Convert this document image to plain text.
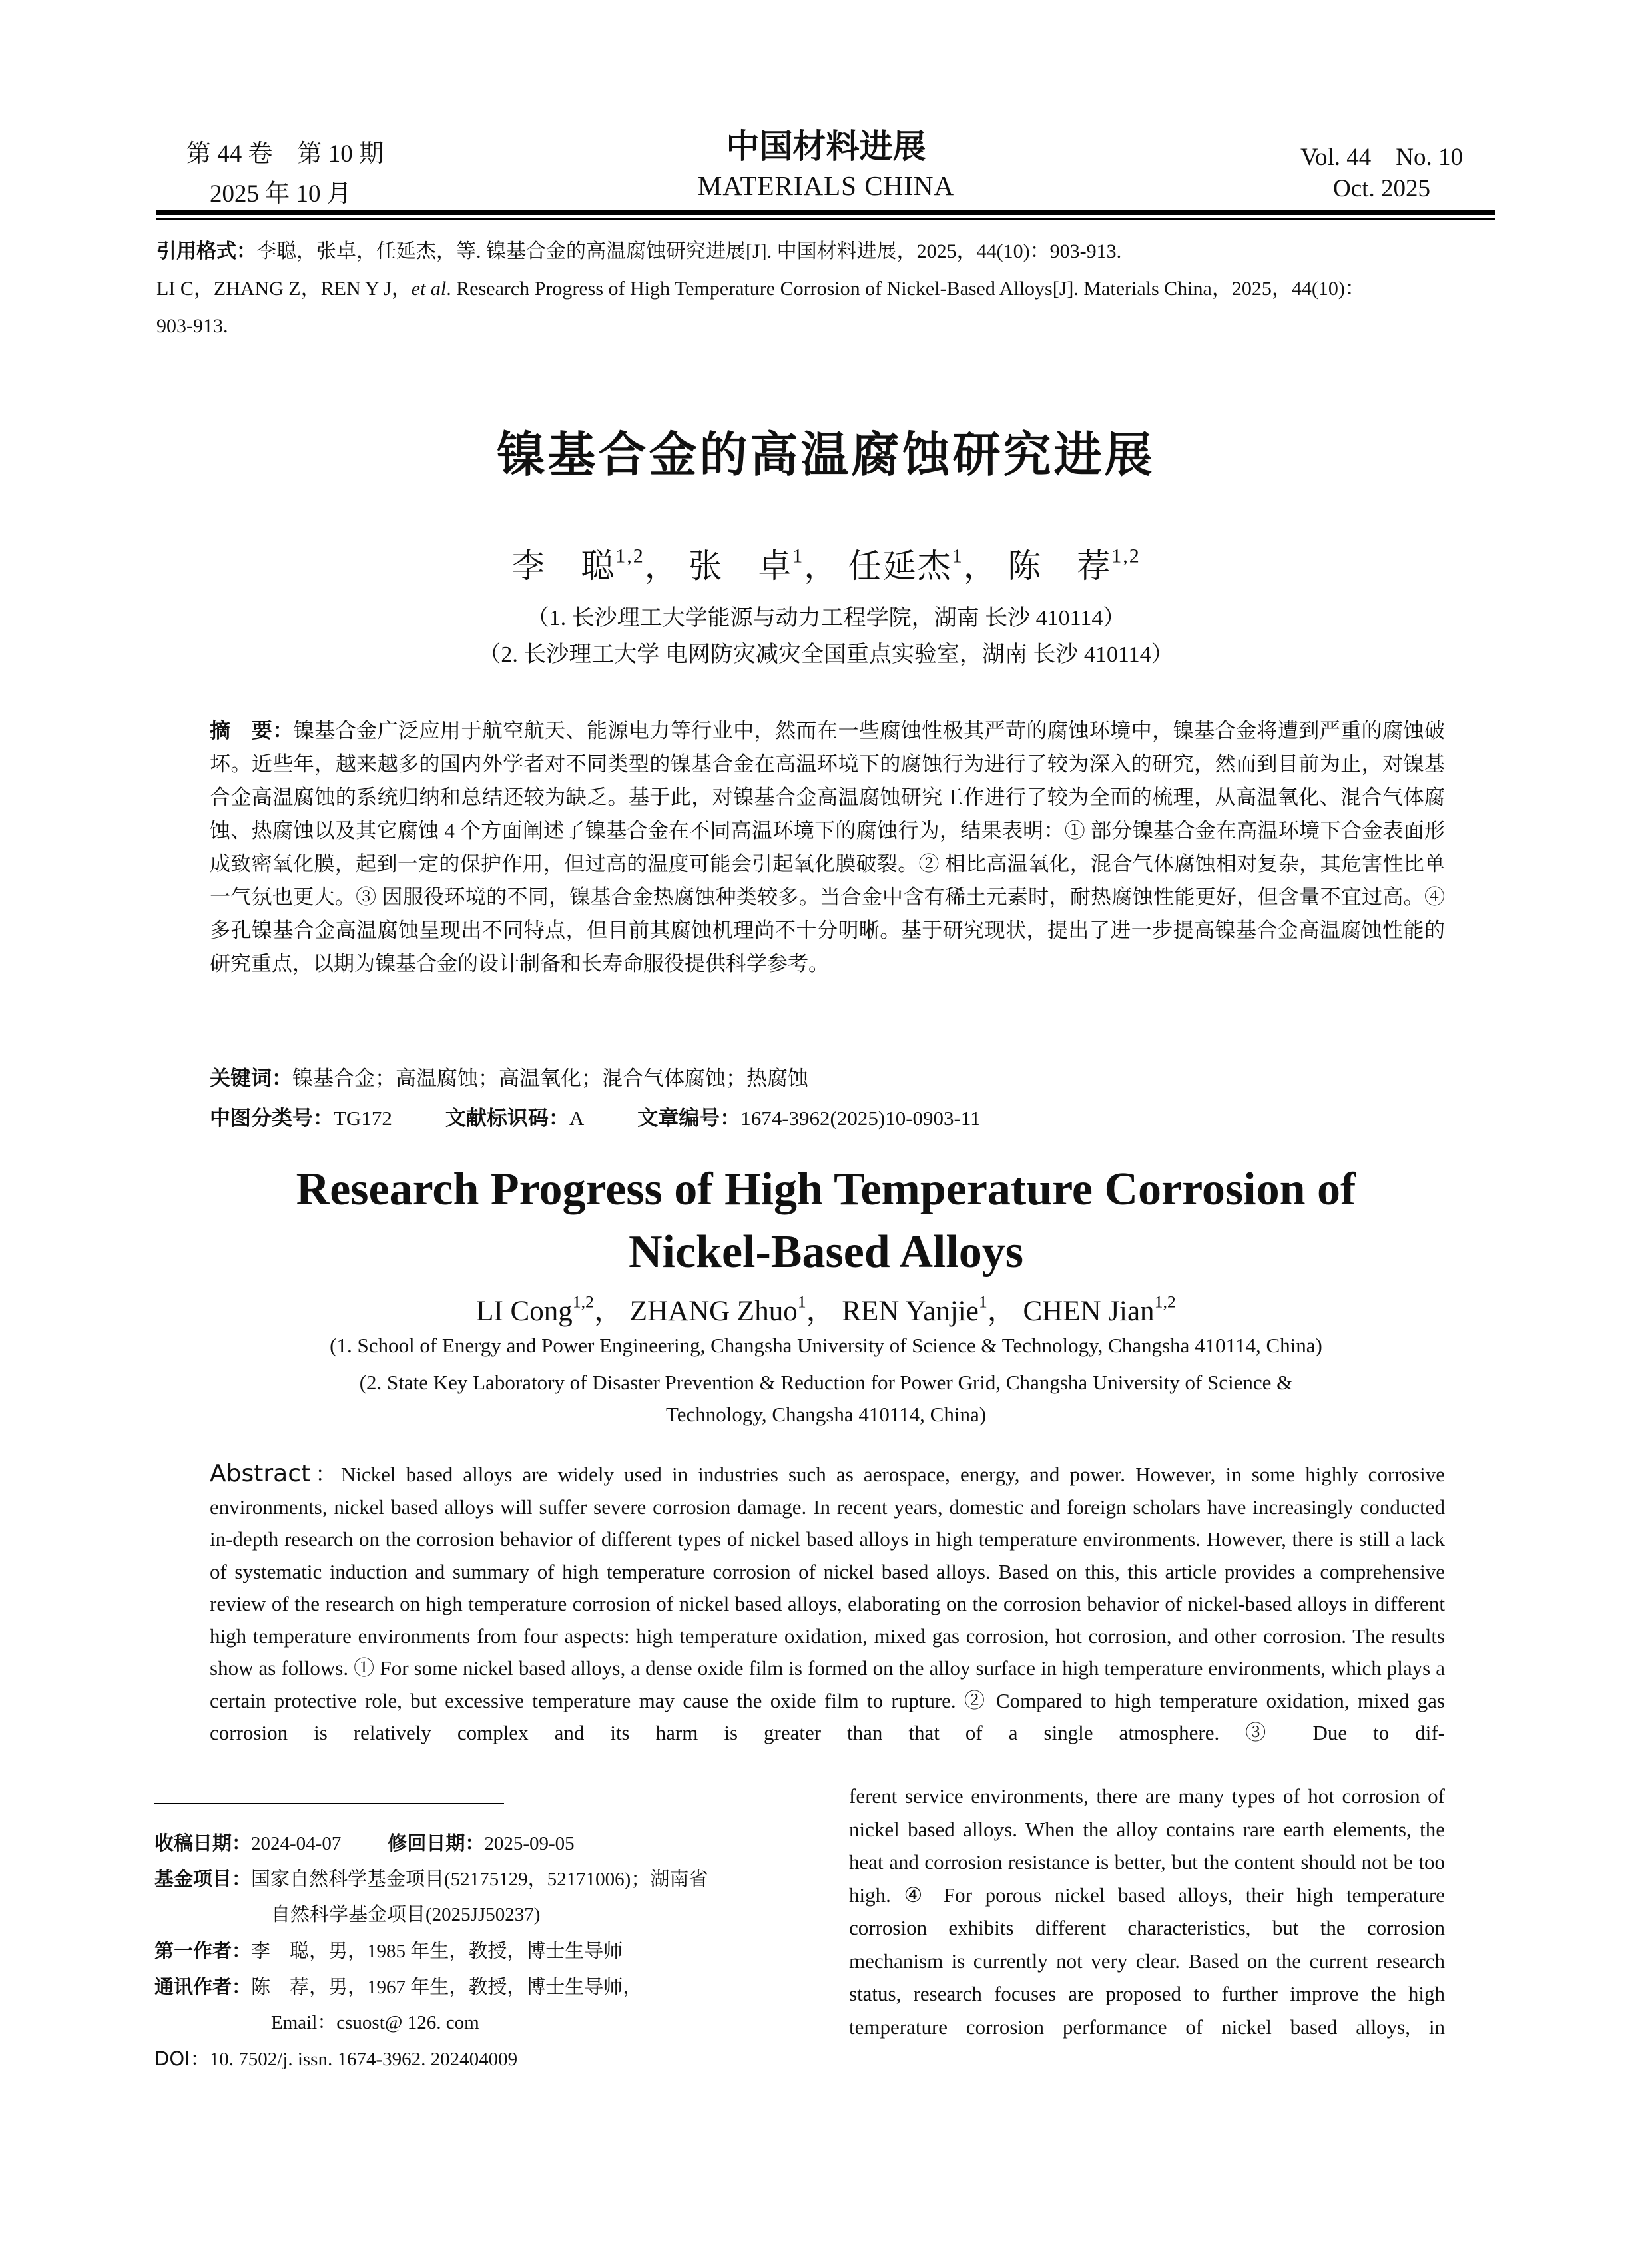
第 44 卷　第 10 期
2025 年 10 月
中国材料进展
MATERIALS CHINA
Vol. 44　No. 10
Oct. 2025
引用格式：李聪，张卓，任延杰，等. 镍基合金的高温腐蚀研究进展[J]. 中国材料进展，2025，44(10)：903-913.
LI C，ZHANG Z，REN Y J，et al. Research Progress of High Temperature Corrosion of Nickel-Based Alloys[J]. Materials China，2025，44(10)：
903-913.
镍基合金的高温腐蚀研究进展
李　聪$^{1,2}$， 张　卓$^1$， 任延杰$^1$， 陈　荐$^{1,2}$
（1. 长沙理工大学能源与动力工程学院，湖南 长沙 410114）
（2. 长沙理工大学 电网防灾减灾全国重点实验室，湖南 长沙 410114）
摘　要：镍基合金广泛应用于航空航天、能源电力等行业中，然而在一些腐蚀性极其严苛的腐蚀环境中，镍基合金将遭到严重的腐蚀破坏。近些年，越来越多的国内外学者对不同类型的镍基合金在高温环境下的腐蚀行为进行了较为深入的研究，然而到目前为止，对镍基合金高温腐蚀的系统归纳和总结还较为缺乏。基于此，对镍基合金高温腐蚀研究工作进行了较为全面的梳理，从高温氧化、混合气体腐蚀、热腐蚀以及其它腐蚀 4 个方面阐述了镍基合金在不同高温环境下的腐蚀行为，结果表明：① 部分镍基合金在高温环境下合金表面形成致密氧化膜，起到一定的保护作用，但过高的温度可能会引起氧化膜破裂。② 相比高温氧化，混合气体腐蚀相对复杂，其危害性比单一气氛也更大。③ 因服役环境的不同，镍基合金热腐蚀种类较多。当合金中含有稀土元素时，耐热腐蚀性能更好，但含量不宜过高。④ 多孔镍基合金高温腐蚀呈现出不同特点，但目前其腐蚀机理尚不十分明晰。基于研究现状，提出了进一步提高镍基合金高温腐蚀性能的研究重点，以期为镍基合金的设计制备和长寿命服役提供科学参考。
关键词：镍基合金；高温腐蚀；高温氧化；混合气体腐蚀；热腐蚀
中图分类号：TG172	文献标识码：A	文章编号：1674-3962(2025)10-0903-11
Research Progress of High Temperature Corrosion of
Nickel-Based Alloys
LI Cong$^{1,2}$， ZHANG Zhuo$^1$， REN Yanjie$^1$， CHEN Jian$^{1,2}$
(1. School of Energy and Power Engineering, Changsha University of Science & Technology, Changsha 410114, China)
(2. State Key Laboratory of Disaster Prevention & Reduction for Power Grid, Changsha University of Science &
Technology, Changsha 410114, China)
Abstract：Nickel based alloys are widely used in industries such as aerospace, energy, and power. However, in some highly corrosive environments, nickel based alloys will suffer severe corrosion damage. In recent years, domestic and foreign scholars have increasingly conducted in-depth research on the corrosion behavior of different types of nickel based alloys in high temperature environments. However, there is still a lack of systematic induction and summary of high temperature corrosion of nickel based alloys. Based on this, this article provides a comprehensive review of the research on high temperature corrosion of nickel based alloys, elaborating on the corrosion behavior of nickel-based alloys in different high temperature environments from four aspects: high temperature oxidation, mixed gas corrosion, hot corrosion, and other corrosion. The results show as follows. ① For some nickel based alloys, a dense oxide film is formed on the alloy surface in high temperature environments, which plays a certain protective role, but excessive temperature may cause the oxide film to rupture. ② Compared to high temperature oxidation, mixed gas corrosion is relatively complex and its harm is greater than that of a single atmosphere. ③ Due to dif-
ferent service environments, there are many types of hot corrosion of nickel based alloys. When the alloy contains rare earth elements, the heat and corrosion resistance is better, but the content should not be too high. ④ For porous nickel based alloys, their high temperature corrosion exhibits different characteristics, but the corrosion mechanism is currently not very clear. Based on the current research status, research focuses are proposed to further improve the high temperature corrosion performance of nickel based alloys, in
收稿日期：2024-04-07 修回日期：2025-09-05
基金项目：国家自然科学基金项目(52175129，52171006)；湖南省
自然科学基金项目(2025JJ50237)
第一作者：李　聪，男，1985 年生，教授，博士生导师
通讯作者：陈　荐，男，1967 年生，教授，博士生导师，
Email：csuost@ 126. com
DOI：10. 7502/j. issn. 1674-3962. 202404009
